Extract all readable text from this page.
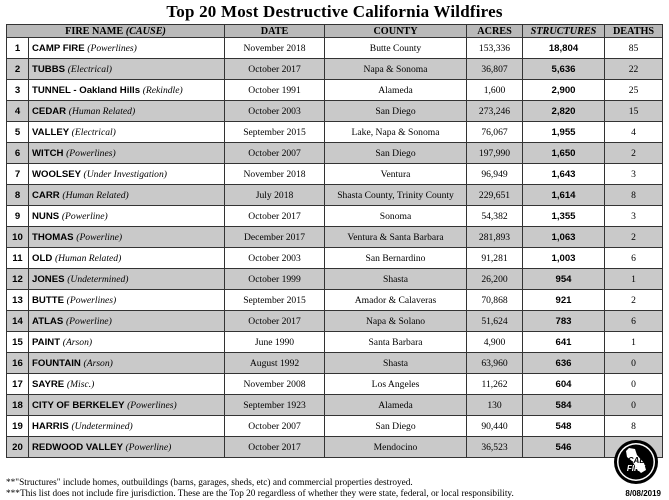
Top 20 Most Destructive California Wildfires
FIRE NAME (CAUSE)		DATE	COUNTY	ACRES	STRUCTURES	DEATHS
1	CAMP FIRE (Powerlines)	November 2018	Butte County	153,336	18,804	85
2	TUBBS (Electrical)	October 2017	Napa & Sonoma	36,807	5,636	22
3	TUNNEL - Oakland Hills (Rekindle)	October 1991	Alameda	1,600	2,900	25
4	CEDAR (Human Related)	October 2003	San Diego	273,246	2,820	15
5	VALLEY (Electrical)	September 2015	Lake, Napa & Sonoma	76,067	1,955	4
6	WITCH (Powerlines)	October 2007	San Diego	197,990	1,650	2
7	WOOLSEY (Under Investigation)	November 2018	Ventura	96,949	1,643	3
8	CARR (Human Related)	July 2018	Shasta County, Trinity County	229,651	1,614	8
9	NUNS (Powerline)	October 2017	Sonoma	54,382	1,355	3
10	THOMAS (Powerline)	December 2017	Ventura & Santa Barbara	281,893	1,063	2
11	OLD (Human Related)	October 2003	San Bernardino	91,281	1,003	6
12	JONES (Undetermined)	October 1999	Shasta	26,200	954	1
13	BUTTE (Powerlines)	September 2015	Amador & Calaveras	70,868	921	2
14	ATLAS (Powerline)	October 2017	Napa & Solano	51,624	783	6
15	PAINT (Arson)	June 1990	Santa Barbara	4,900	641	1
16	FOUNTAIN (Arson)	August 1992	Shasta	63,960	636	0
17	SAYRE (Misc.)	November 2008	Los Angeles	11,262	604	0
18	CITY OF BERKELEY (Powerlines)	September 1923	Alameda	130	584	0
19	HARRIS (Undetermined)	October 2007	San Diego	90,440	548	8
20	REDWOOD VALLEY (Powerline)	October 2017	Mendocino	36,523	546	
**"Structures" include homes, outbuildings (barns, garages, sheds, etc) and commercial properties destroyed.
***This list does not include fire jurisdiction. These are the Top 20 regardless of whether they were state, federal, or local responsibility.	8/08/2019
CAL
FIRE
